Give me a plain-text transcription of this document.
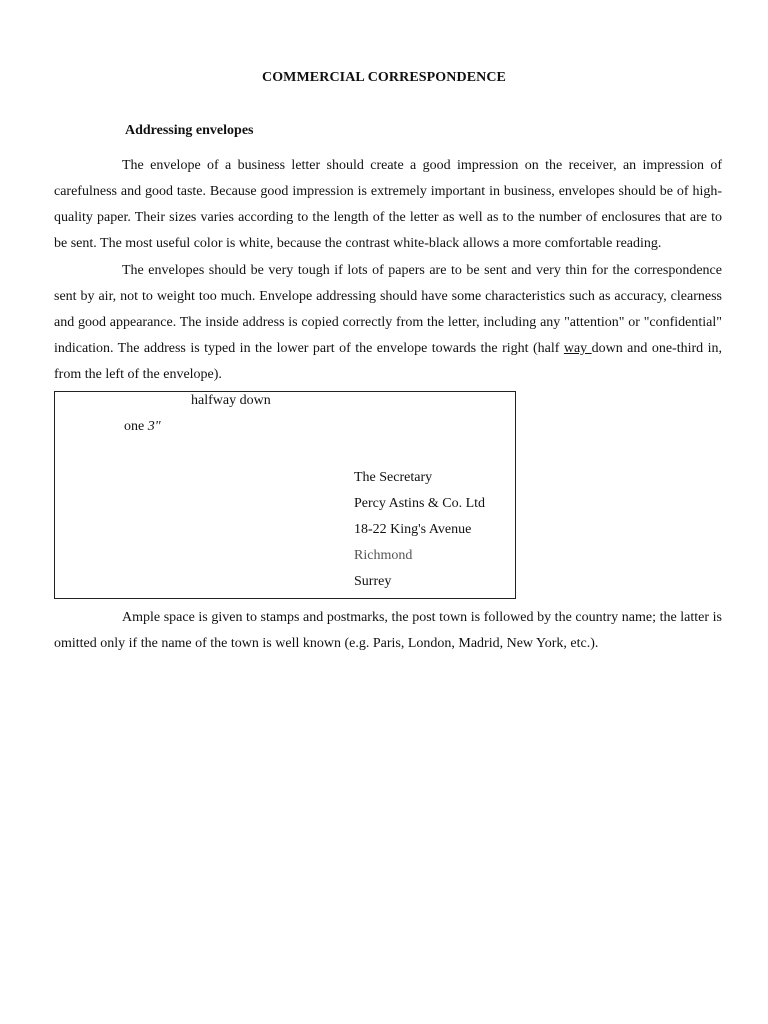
COMMERCIAL CORRESPONDENCE
Addressing envelopes

The envelope of a business letter should create a good impression on the receiver, an impression of carefulness and good taste. Because good impression is extremely important in business, envelopes should be of high-quality paper. Their sizes varies according to the length of the letter as well as to the number of enclosures that are to be sent. The most useful color is white, because the contrast white-black allows a more comfortable reading.

The envelopes should be very tough if lots of papers are to be sent and very thin for the correspondence sent by air, not to weight too much. Envelope addressing should have some characteristics such as accuracy, clearness and good appearance. The inside address is copied correctly from the letter, including any "attention" or "confidential" indication. The address is typed in the lower part of the envelope towards the right (half way down and one-third in, from the left of the envelope).

halfway down
one 3"
The Secretary
Percy Astins & Co. Ltd
18-22 King's Avenue
Richmond
Surrey

Ample space is given to stamps and postmarks, the post town is followed by the country name; the latter is omitted only if the name of the town is well known (e.g. Paris, London, Madrid, New York, etc.).
